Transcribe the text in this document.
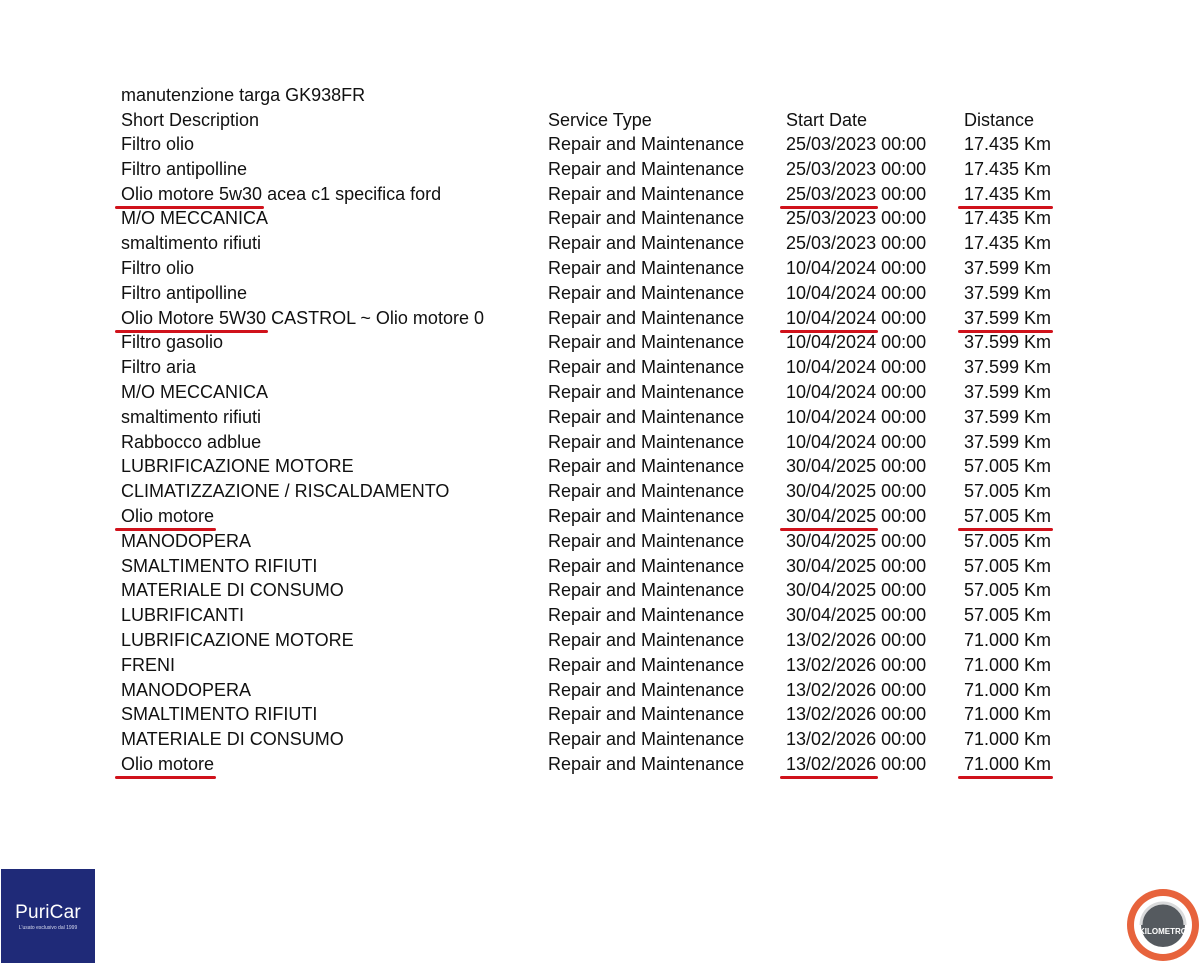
manutenzione targa GK938FR
Short Description	Service Type	Start Date	Distance
Filtro olio	Repair and Maintenance 25/03/2023 00:00 17.435 Km
Filtro antipolline	Repair and Maintenance 25/03/2023 00:00 17.435 Km
Olio motore 5w30 acea c1 specifica ford	Repair and Maintenance 25/03/2023 00:00 17.435 Km
M/O MECCANICA	Repair and Maintenance 25/03/2023 00:00 17.435 Km
smaltimento rifiuti	Repair and Maintenance 25/03/2023 00:00 17.435 Km
Filtro olio	Repair and Maintenance 10/04/2024 00:00 37.599 Km
Filtro antipolline	Repair and Maintenance 10/04/2024 00:00 37.599 Km
Olio Motore 5W30 CASTROL ~ Olio motore 0	Repair and Maintenance 10/04/2024 00:00 37.599 Km
Filtro gasolio	Repair and Maintenance 10/04/2024 00:00 37.599 Km
Filtro aria	Repair and Maintenance 10/04/2024 00:00 37.599 Km
M/O MECCANICA	Repair and Maintenance 10/04/2024 00:00 37.599 Km
smaltimento rifiuti	Repair and Maintenance 10/04/2024 00:00 37.599 Km
Rabbocco adblue	Repair and Maintenance 10/04/2024 00:00 37.599 Km
LUBRIFICAZIONE MOTORE	Repair and Maintenance 30/04/2025 00:00 57.005 Km
CLIMATIZZAZIONE / RISCALDAMENTO	Repair and Maintenance 30/04/2025 00:00 57.005 Km
Olio motore	Repair and Maintenance 30/04/2025 00:00 57.005 Km
MANODOPERA	Repair and Maintenance 30/04/2025 00:00 57.005 Km
SMALTIMENTO RIFIUTI	Repair and Maintenance 30/04/2025 00:00 57.005 Km
MATERIALE DI CONSUMO	Repair and Maintenance 30/04/2025 00:00 57.005 Km
LUBRIFICANTI	Repair and Maintenance 30/04/2025 00:00 57.005 Km
LUBRIFICAZIONE MOTORE	Repair and Maintenance 13/02/2026 00:00 71.000 Km
FRENI	Repair and Maintenance 13/02/2026 00:00 71.000 Km
MANODOPERA	Repair and Maintenance 13/02/2026 00:00 71.000 Km
SMALTIMENTO RIFIUTI	Repair and Maintenance 13/02/2026 00:00 71.000 Km
MATERIALE DI CONSUMO	Repair and Maintenance 13/02/2026 00:00 71.000 Km
Olio motore	Repair and Maintenance 13/02/2026 00:00 71.000 Km
PuriCar
L'usato esclusivo dal 1999	KILOMETRO
